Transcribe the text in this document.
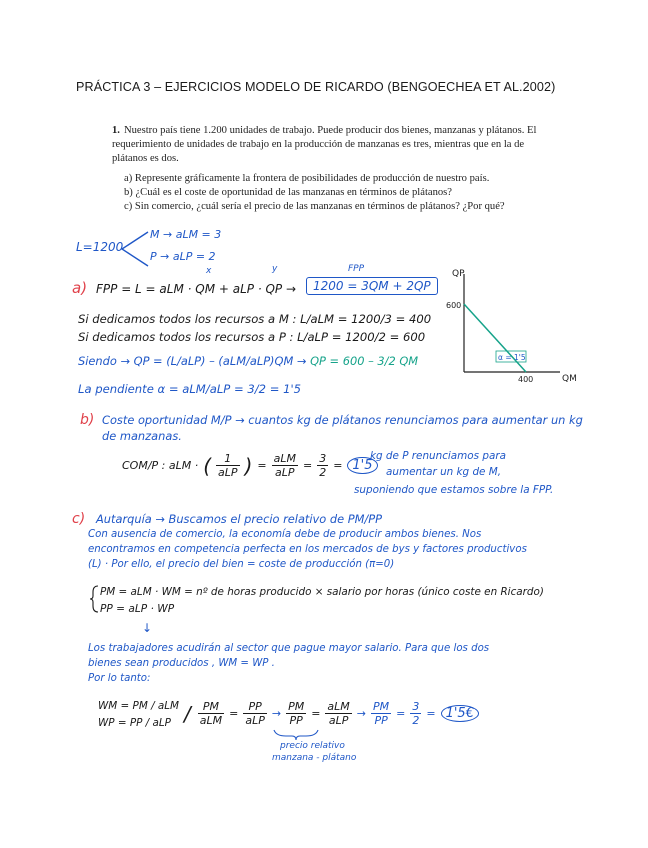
PRÁCTICA 3 – EJERCICIOS MODELO DE RICARDO (BENGOECHEA ET AL.2002)
1. Nuestro país tiene 1.200 unidades de trabajo. Puede producir dos bienes, manzanas y plátanos. El requerimiento de unidades de trabajo en la producción de manzanas es tres, mientras que en la de plátanos es dos.
a) Represente gráficamente la frontera de posibilidades de producción de nuestro país.
b) ¿Cuál es el coste de oportunidad de las manzanas en términos de plátanos?
c) Sin comercio, ¿cuál sería el precio de las manzanas en términos de plátanos? ¿Por qué?
L=1200
M → aLM = 3
P → aLP = 2
a)
x	y
FPP = L = aLM · QM + aLP · QP →
FPP
1200 = 3QM + 2QP
Si dedicamos todos los recursos a M : L/aLM = 1200/3 = 400
Si dedicamos todos los recursos a P : L/aLP = 1200/2 = 600
Siendo → QP = (L/aLP) – (aLM/aLP)QM → QP = 600 – 3/2 QM
La pendiente α = aLM/aLP = 3/2 = 1'5
QP
QM
600
400
α = 1'5
b) Coste oportunidad M/P → cuantos kg de plátanos renunciamos para aumentar un kg
de manzanas.
COM/P : aLM · ( $\frac{1}{\text{aLP}}$ ) = $\frac{\text{aLM}}{\text{aLP}} = \frac{3}{2} = 1'5$
kg de P renunciamos para
aumentar un kg de M,
suponiendo que estamos sobre la FPP.
c) Autarquía → Buscamos el precio relativo de PM/PP
Con ausencia de comercio, la economía debe de producir ambos bienes. Nos
encontramos en competencia perfecta en los mercados de bys y factores productivos
(L) · Por ello, el precio del bien = coste de producción (π=0)
PM = aLM · WM = nº de horas producido × salario por horas (único coste en Ricardo)
PP = aLP · WP
↓
Los trabajadores acudirán al sector que pague mayor salario. Para que los dos
bienes sean producidos , WM = WP .
Por lo tanto:
WM = PM / aLM
WP = PP / aLP / $\frac{PM}{\text{aLM}} = \frac{PP}{\text{aLP}} \to \frac{PM}{PP} = \frac{\text{aLM}}{\text{aLP}} \to \frac{PM}{PP} = \frac{3}{2}$ = 1'5€
precio relativo
manzana - plátano
